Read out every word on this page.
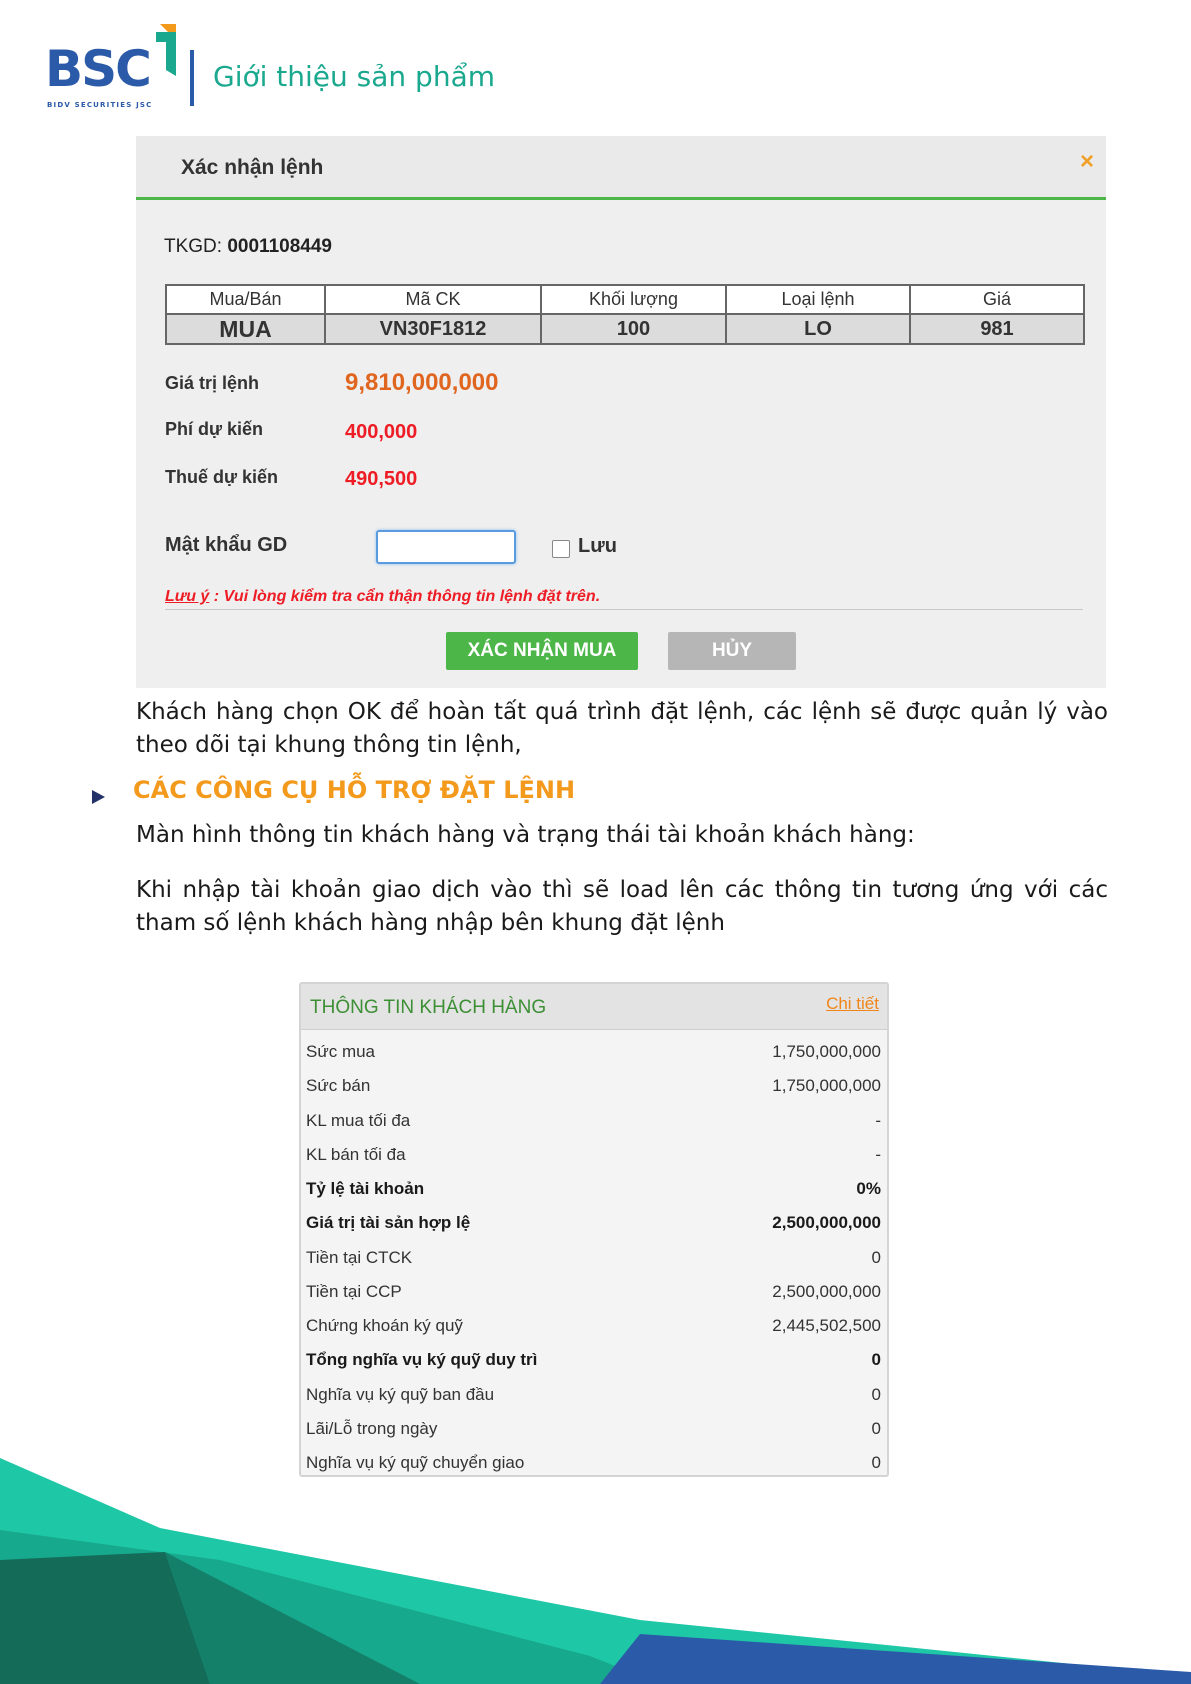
BSC
BIDV SECURITIES JSC
Giới thiệu sản phẩm
Xác nhận lệnh	×
TKGD: 0001108449
Mua/Bán	Mã CK	Khối lượng	Loại lệnh	Giá
MUA	VN30F1812	100	LO	981
Giá trị lệnh	9,810,000,000
Phí dự kiến	400,000
Thuế dự kiến	490,500
Mật khẩu GD	Lưu
Lưu ý : Vui lòng kiểm tra cẩn thận thông tin lệnh đặt trên.
XÁC NHẬN MUA	HỦY
Khách hàng chọn OK để hoàn tất quá trình đặt lệnh, các lệnh sẽ được quản lý vào theo dõi tại khung thông tin lệnh,
CÁC CÔNG CỤ HỖ TRỢ ĐẶT LỆNH
Màn hình thông tin khách hàng và trạng thái tài khoản khách hàng:
Khi nhập tài khoản giao dịch vào thì sẽ load lên các thông tin tương ứng với các tham số lệnh khách hàng nhập bên khung đặt lệnh
THÔNG TIN KHÁCH HÀNG	Chi tiết
Sức mua	1,750,000,000
Sức bán	1,750,000,000
KL mua tối đa	-
KL bán tối đa	-
Tỷ lệ tài khoản	0%
Giá trị tài sản hợp lệ	2,500,000,000
Tiền tại CTCK	0
Tiền tại CCP	2,500,000,000
Chứng khoán ký quỹ	2,445,502,500
Tổng nghĩa vụ ký quỹ duy trì	0
Nghĩa vụ ký quỹ ban đầu	0
Lãi/Lỗ trong ngày	0
Nghĩa vụ ký quỹ chuyển giao	0
